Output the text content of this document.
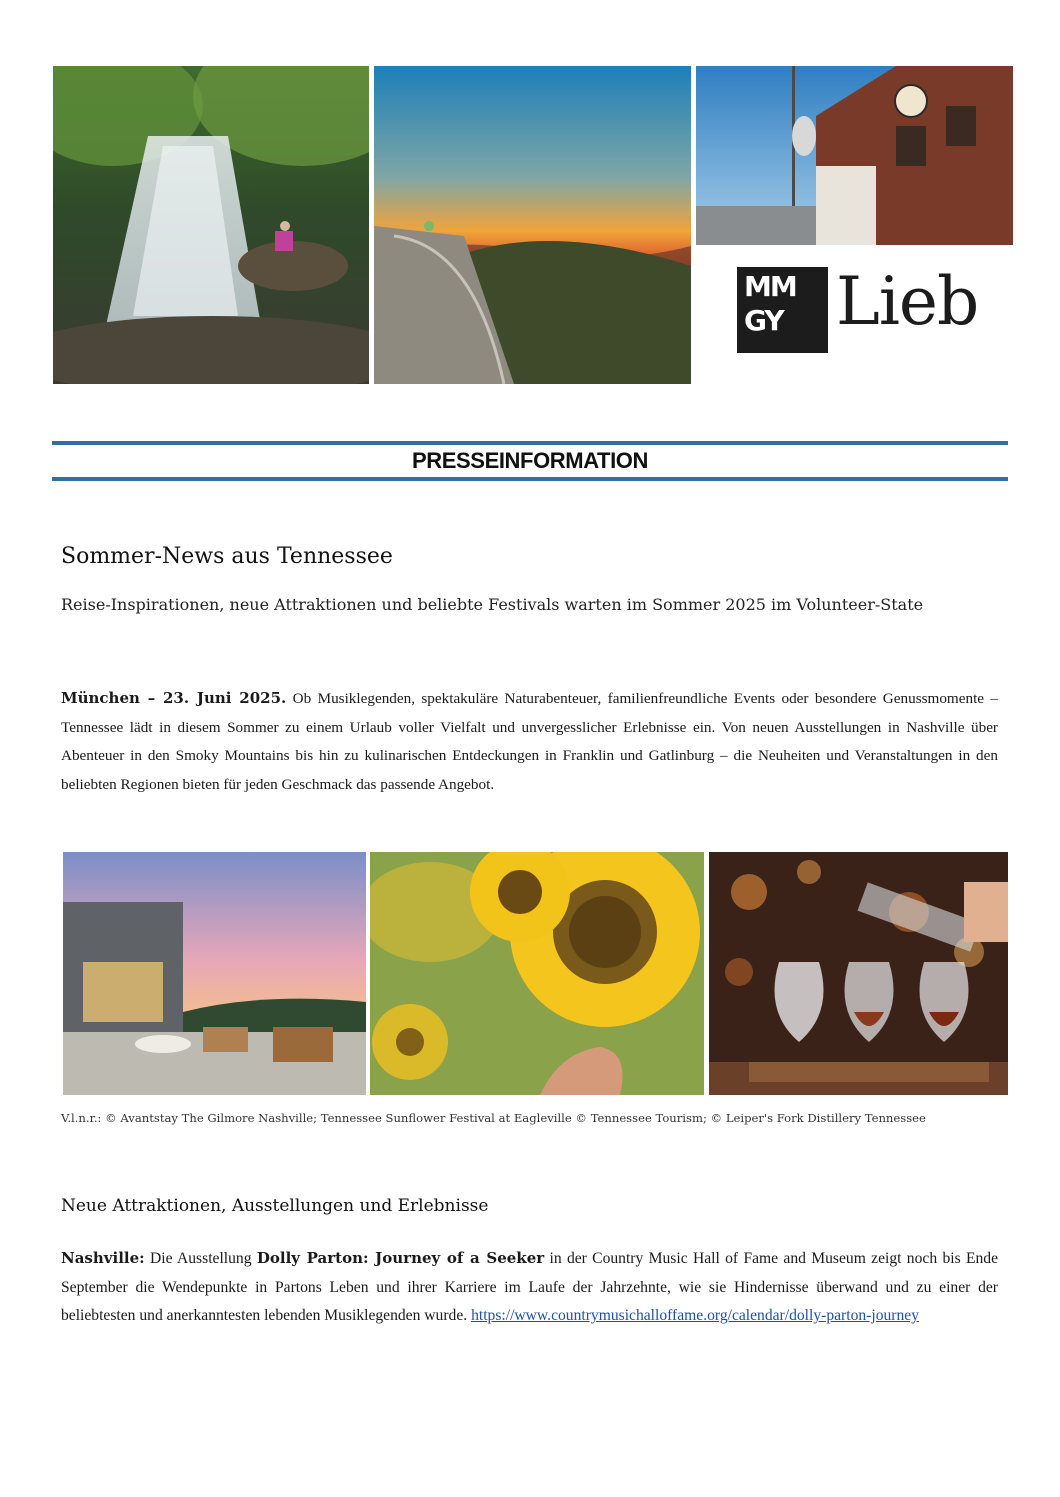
MM
GY Lieb
PRESSEINFORMATION
Sommer-News aus Tennessee
Reise-Inspirationen, neue Attraktionen und beliebte Festivals warten im Sommer 2025 im Volunteer-State
München – 23. Juni 2025. Ob Musiklegenden, spektakuläre Naturabenteuer, familienfreundliche Events oder besondere Genussmomente – Tennessee lädt in diesem Sommer zu einem Urlaub voller Vielfalt und unvergesslicher Erlebnisse ein. Von neuen Ausstellungen in Nashville über Abenteuer in den Smoky Mountains bis hin zu kulinarischen Entdeckungen in Franklin und Gatlinburg – die Neuheiten und Veranstaltungen in den beliebten Regionen bieten für jeden Geschmack das passende Angebot.
V.l.n.r.: © Avantstay The Gilmore Nashville; Tennessee Sunflower Festival at Eagleville © Tennessee Tourism; © Leiper's Fork Distillery Tennessee
Neue Attraktionen, Ausstellungen und Erlebnisse
Nashville: Die Ausstellung Dolly Parton: Journey of a Seeker in der Country Music Hall of Fame and Museum zeigt noch bis Ende September die Wendepunkte in Partons Leben und ihrer Karriere im Laufe der Jahrzehnte, wie sie Hindernisse überwand und zu einer der beliebtesten und anerkanntesten lebenden Musiklegenden wurde. https://www.countrymusichalloffame.org/calendar/dolly-parton-journey
